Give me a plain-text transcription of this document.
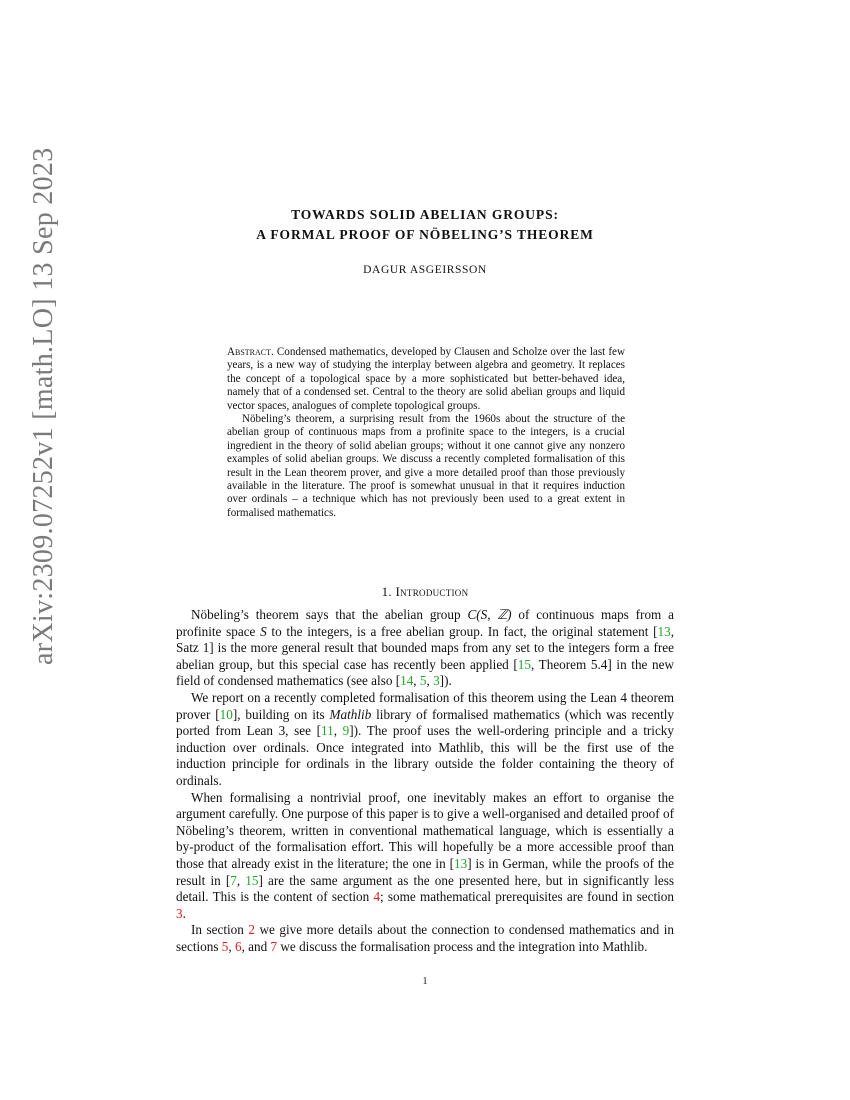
arXiv:2309.07252v1 [math.LO] 13 Sep 2023	TOWARDS SOLID ABELIAN GROUPS:
A FORMAL PROOF OF NÖBELING’S THEOREM
DAGUR ASGEIRSSON

Abstract. Condensed mathematics, developed by Clausen and Scholze over the last few years, is a new way of studying the interplay between algebra and geometry. It replaces the concept of a topological space by a more sophisticated but better-behaved idea, namely that of a condensed set. Central to the theory are solid abelian groups and liquid vector spaces, analogues of complete topological groups.

Nöbeling’s theorem, a surprising result from the 1960s about the structure of the abelian group of continuous maps from a profinite space to the integers, is a crucial ingredient in the theory of solid abelian groups; without it one cannot give any nonzero examples of solid abelian groups. We discuss a recently completed formalisation of this result in the Lean theorem prover, and give a more detailed proof than those previously available in the literature. The proof is somewhat unusual in that it requires induction over ordinals – a technique which has not previously been used to a great extent in formalised mathematics.

1. Introduction

Nöbeling’s theorem says that the abelian group C(S, ℤ) of continuous maps from a profinite space S to the integers, is a free abelian group. In fact, the original statement [13, Satz 1] is the more general result that bounded maps from any set to the integers form a free abelian group, but this special case has recently been applied [15, Theorem 5.4] in the new field of condensed mathematics (see also [14, 5, 3]).

We report on a recently completed formalisation of this theorem using the Lean 4 theorem prover [10], building on its Mathlib library of formalised mathematics (which was recently ported from Lean 3, see [11, 9]). The proof uses the well-ordering principle and a tricky induction over ordinals. Once integrated into Mathlib, this will be the first use of the induction principle for ordinals in the library outside the folder containing the theory of ordinals.

When formalising a nontrivial proof, one inevitably makes an effort to organise the argument carefully. One purpose of this paper is to give a well-organised and detailed proof of Nöbeling’s theorem, written in conventional mathematical language, which is essentially a by-product of the formalisation effort. This will hopefully be a more accessible proof than those that already exist in the literature; the one in [13] is in German, while the proofs of the result in [7, 15] are the same argument as the one presented here, but in significantly less detail. This is the content of section 4; some mathematical prerequisites are found in section 3.

In section 2 we give more details about the connection to condensed mathematics and in sections 5, 6, and 7 we discuss the formalisation process and the integration into Mathlib.

1
